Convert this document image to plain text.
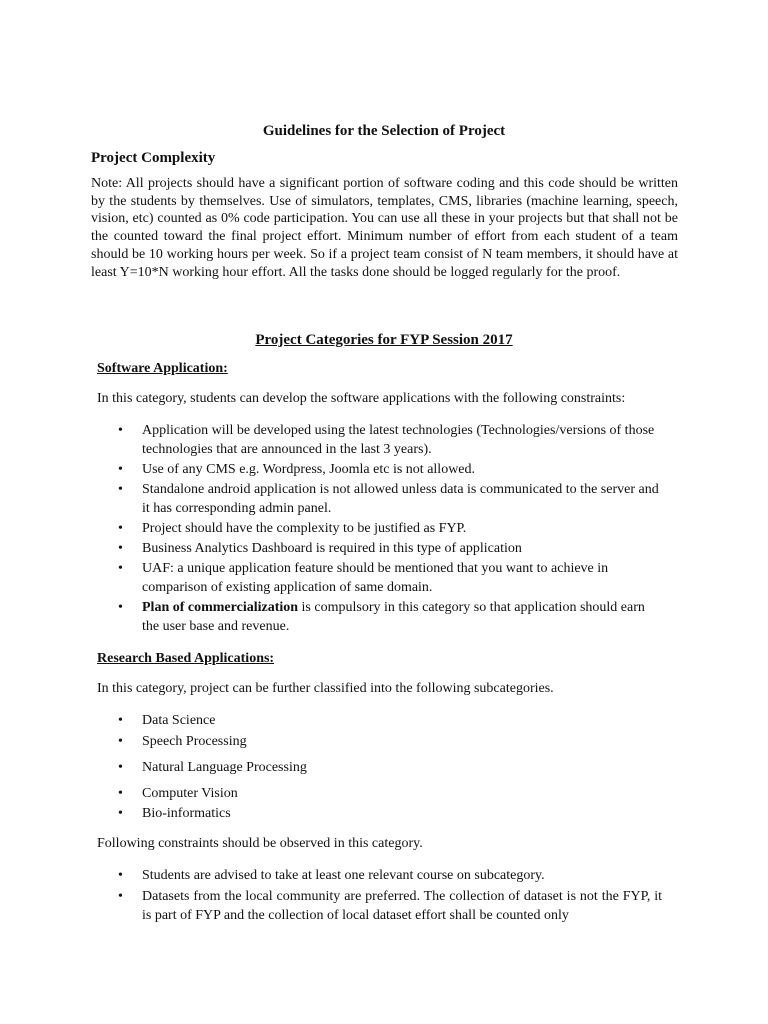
Guidelines for the Selection of Project
Project Complexity
Note: All projects should have a significant portion of software coding and this code should be written by the students by themselves. Use of simulators, templates, CMS, libraries (machine learning, speech, vision, etc) counted as 0% code participation. You can use all these in your projects but that shall not be the counted toward the final project effort. Minimum number of effort from each student of a team should be 10 working hours per week. So if a project team consist of N team members, it should have at least Y=10*N working hour effort. All the tasks done should be logged regularly for the proof.
Project Categories for FYP Session 2017
Software Application:
In this category, students can develop the software applications with the following constraints:
• Application will be developed using the latest technologies (Technologies/versions of those technologies that are announced in the last 3 years).
• Use of any CMS e.g. Wordpress, Joomla etc is not allowed.
• Standalone android application is not allowed unless data is communicated to the server and it has corresponding admin panel.
• Project should have the complexity to be justified as FYP.
• Business Analytics Dashboard is required in this type of application
• UAF: a unique application feature should be mentioned that you want to achieve in comparison of existing application of same domain.
• Plan of commercialization is compulsory in this category so that application should earn the user base and revenue.
Research Based Applications:
In this category, project can be further classified into the following subcategories.
• Data Science
• Speech Processing
• Natural Language Processing
• Computer Vision
• Bio-informatics
Following constraints should be observed in this category.
• Students are advised to take at least one relevant course on subcategory.
• Datasets from the local community are preferred. The collection of dataset is not the FYP, it is part of FYP and the collection of local dataset effort shall be counted only
